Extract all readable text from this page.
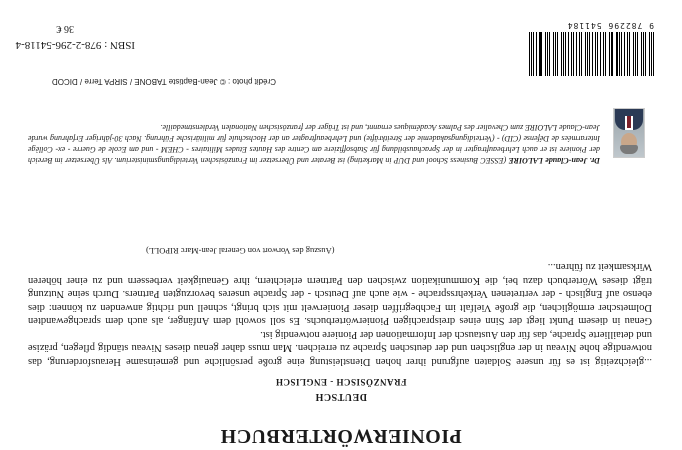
PIONIERWÖRTERBUCH
DEUTSCH
FRANZÖSISCH - ENGLISCH

...gleichzeitig ist es für unsere Soldaten aufgrund ihrer hohen Dienstleistung eine große persönliche und gemeinsame Herausforderung, das notwendige hohe Niveau in der englischen und der deutschen Sprache zu erreichen. Man muss daher genau dieses Niveau ständig pflegen, präzise und detaillierte Sprache, das für den Austausch der Informationen der Pioniere notwendig ist.

Genau in diesem Punkt liegt der Sinn eines dreisprachigen Pionierwörterbuchs. Es soll sowohl dem Anfänger, als auch dem sprachgewandten Dolmetscher ermöglichen, die große Vielfalt im Fachbegriffen dieser Pionierwelt mit sich bringt, schnell und richtig anwenden zu können: dies ebenso auf Englisch - der vertretenen Verkehrssprache - wie auch auf Deutsch - der Sprache unseres bevorzugten Partners. Durch seine Nutzung trägt dieses Wörterbuch dazu bei, die Kommunikation zwischen den Partnern erleichtern, ihre Genauigkeit verbessern und zu einer höheren Wirksamkeit zu führen...

(Auszug des Vorwort von General Jean-Marc RIPOLL)
Dr. Jean-Claude LALOIRE (ESSEC Business School und DUP in Marketing) ist Berater und Übersetzer im Französischen Verteidigungsministerium. Als Übersetzer im Bereich der Pioniere ist er auch Lehrbeauftragter in der Sprachausbildung für Stabsoffiziere am Centre des Hautes Etudes Militaires - CHEM - und am Ecole de Guerre - ex- Collège Interarmées de Défense (CID) - (Verteidigungsakademie der Streitkräfte) und Lehrbeauftragter an der Hochschule für militärische Führung. Nach 30-jähriger Erfahrung wurde Jean-Claude LALOIRE zum Chevalier des Palmes Académiques ernannt, und ist Träger der französischen Nationalen Verdienstmedaille.
Crédit photo : © Jean-Baptiste TABONE / SIRPA Terre / DICOD
ISBN : 978-2-296-54118-4
36 €	9 782296 541184
